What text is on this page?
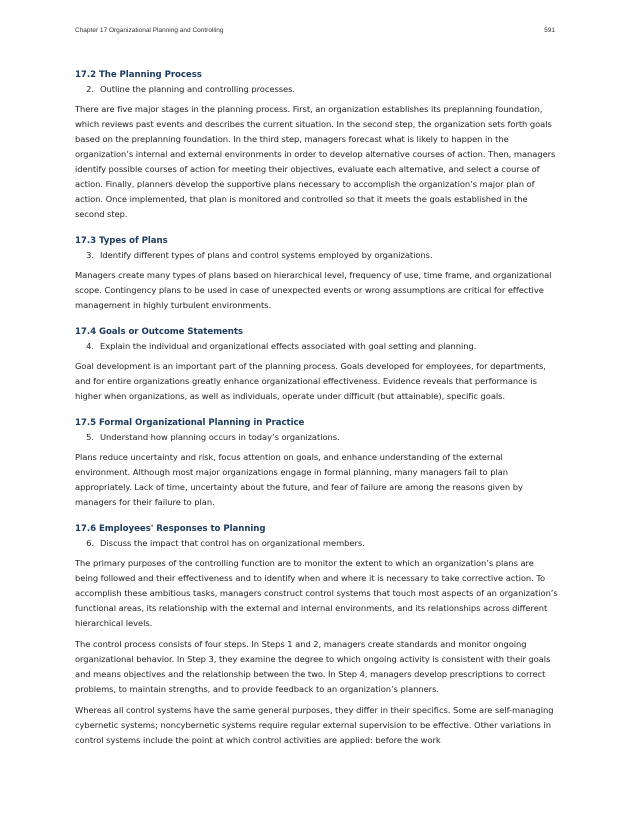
Chapter 17 Organizational Planning and Controlling	591
17.2 The Planning Process
2. Outline the planning and controlling processes.

There are five major stages in the planning process. First, an organization establishes its preplanning foundation, which reviews past events and describes the current situation. In the second step, the organization sets forth goals based on the preplanning foundation. In the third step, managers forecast what is likely to happen in the organization’s internal and external environments in order to develop alternative courses of action. Then, managers identify possible courses of action for meeting their objectives, evaluate each alternative, and select a course of action. Finally, planners develop the supportive plans necessary to accomplish the organization’s major plan of action. Once implemented, that plan is monitored and controlled so that it meets the goals established in the second step.

17.3 Types of Plans
3. Identify different types of plans and control systems employed by organizations.

Managers create many types of plans based on hierarchical level, frequency of use, time frame, and organizational scope. Contingency plans to be used in case of unexpected events or wrong assumptions are critical for effective management in highly turbulent environments.

17.4 Goals or Outcome Statements
4. Explain the individual and organizational effects associated with goal setting and planning.

Goal development is an important part of the planning process. Goals developed for employees, for departments, and for entire organizations greatly enhance organizational effectiveness. Evidence reveals that performance is higher when organizations, as well as individuals, operate under difficult (but attainable), specific goals.

17.5 Formal Organizational Planning in Practice
5. Understand how planning occurs in today’s organizations.

Plans reduce uncertainty and risk, focus attention on goals, and enhance understanding of the external environment. Although most major organizations engage in formal planning, many managers fail to plan appropriately. Lack of time, uncertainty about the future, and fear of failure are among the reasons given by managers for their failure to plan.

17.6 Employees' Responses to Planning
6. Discuss the impact that control has on organizational members.

The primary purposes of the controlling function are to monitor the extent to which an organization’s plans are being followed and their effectiveness and to identify when and where it is necessary to take corrective action. To accomplish these ambitious tasks, managers construct control systems that touch most aspects of an organization’s functional areas, its relationship with the external and internal environments, and its relationships across different hierarchical levels.

The control process consists of four steps. In Steps 1 and 2, managers create standards and monitor ongoing organizational behavior. In Step 3, they examine the degree to which ongoing activity is consistent with their goals and means objectives and the relationship between the two. In Step 4, managers develop prescriptions to correct problems, to maintain strengths, and to provide feedback to an organization’s planners.

Whereas all control systems have the same general purposes, they differ in their specifics. Some are self-managing cybernetic systems; noncybernetic systems require regular external supervision to be effective. Other variations in control systems include the point at which control activities are applied: before the work
